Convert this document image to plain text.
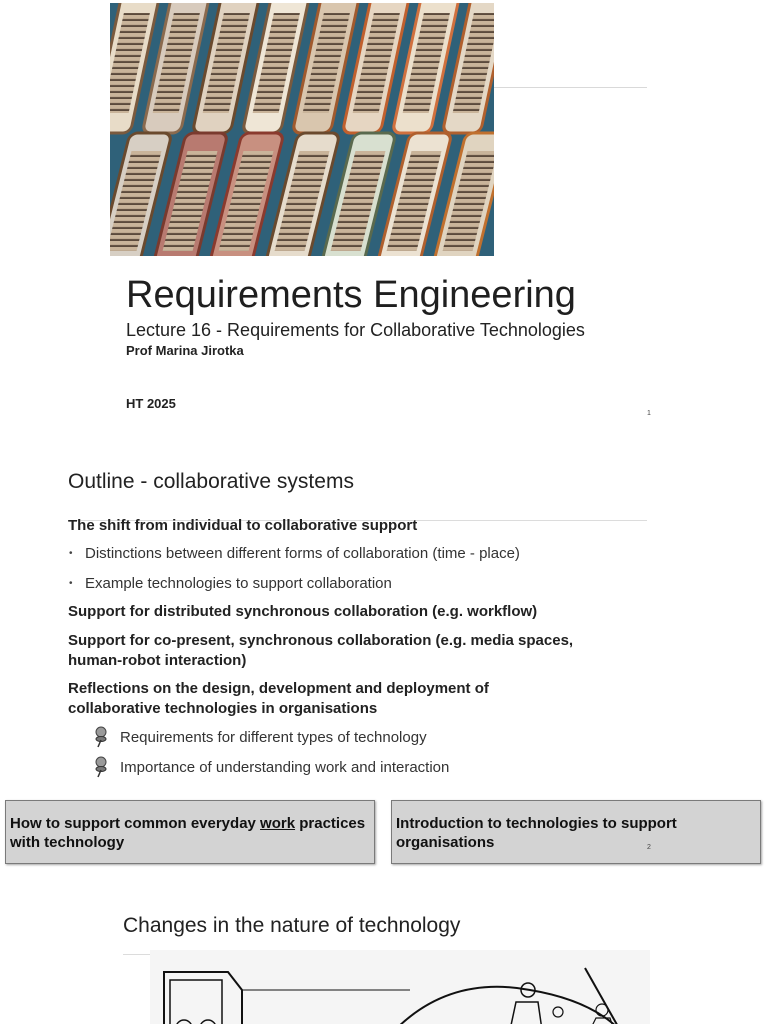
Requirements Engineering
Lecture 16 - Requirements for Collaborative Technologies
Prof Marina Jirotka
HT 2025
1
Outline - collaborative systems
The shift from individual to collaborative support
• Distinctions between different forms of collaboration (time - place)
• Example technologies to support collaboration
Support for distributed synchronous collaboration (e.g. workflow)
Support for co-present, synchronous collaboration (e.g. media spaces,
human-robot interaction)
Reflections on the design, development and deployment of
collaborative technologies in organisations
Requirements for different types of technology
Importance of understanding work and interaction
How to support common everyday work practices with technology
Introduction to technologies to support organisations	2
Changes in the nature of technology
